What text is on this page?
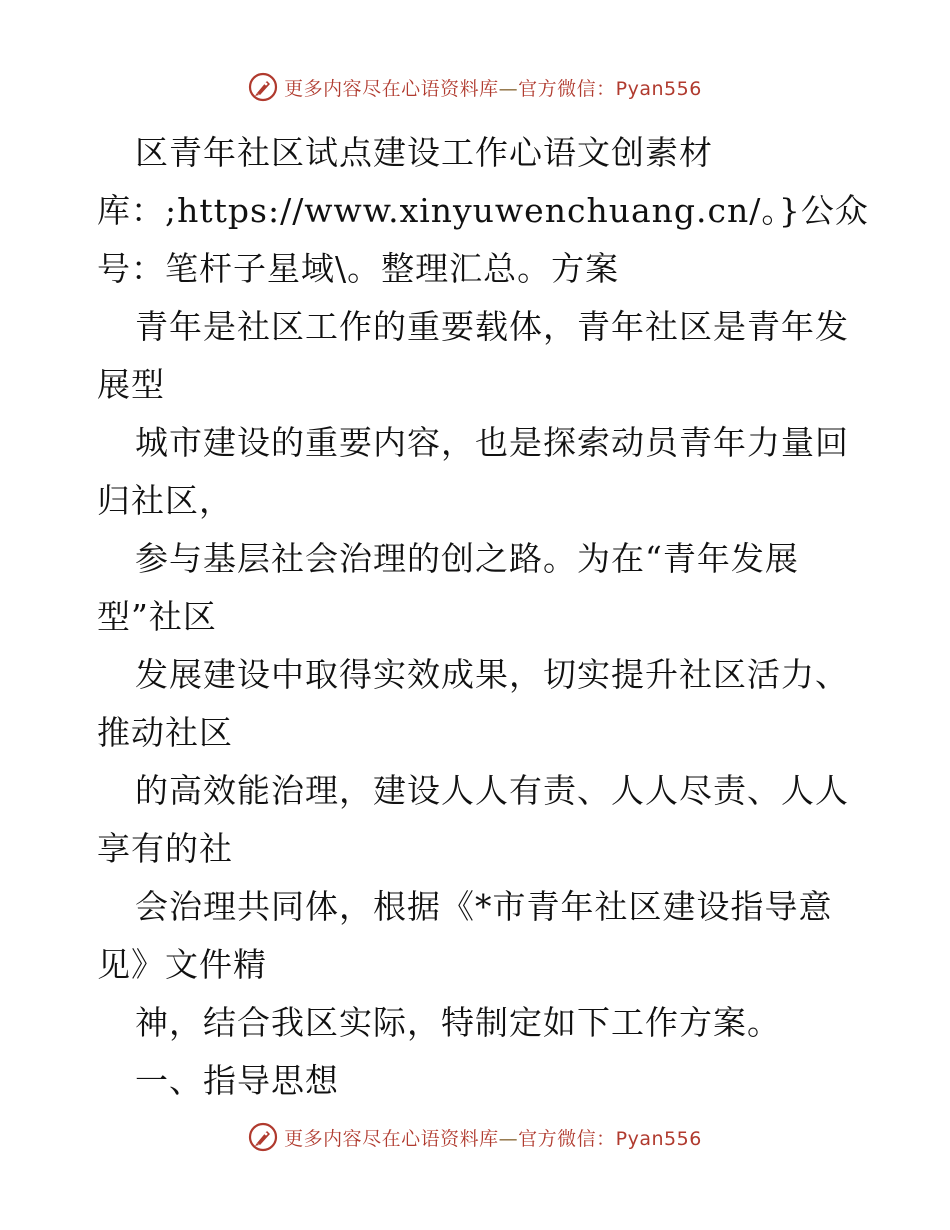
更多内容尽在心语资料库—官方微信：Pyan556
区青年社区试点建设工作心语文创素材
库：;https://www.xinyuwenchuang.cn/。}公众
号：笔杆子星域\。整理汇总。方案
青年是社区工作的重要载体，青年社区是青年发
展型
城市建设的重要内容，也是探索动员青年力量回
归社区，
参与基层社会治理的创之路。为在“青年发展
型”社区
发展建设中取得实效成果，切实提升社区活力、
推动社区
的高效能治理，建设人人有责、人人尽责、人人
享有的社
会治理共同体，根据《*市青年社区建设指导意
见》文件精
神，结合我区实际，特制定如下工作方案。
一、指导思想
更多内容尽在心语资料库—官方微信：Pyan556
